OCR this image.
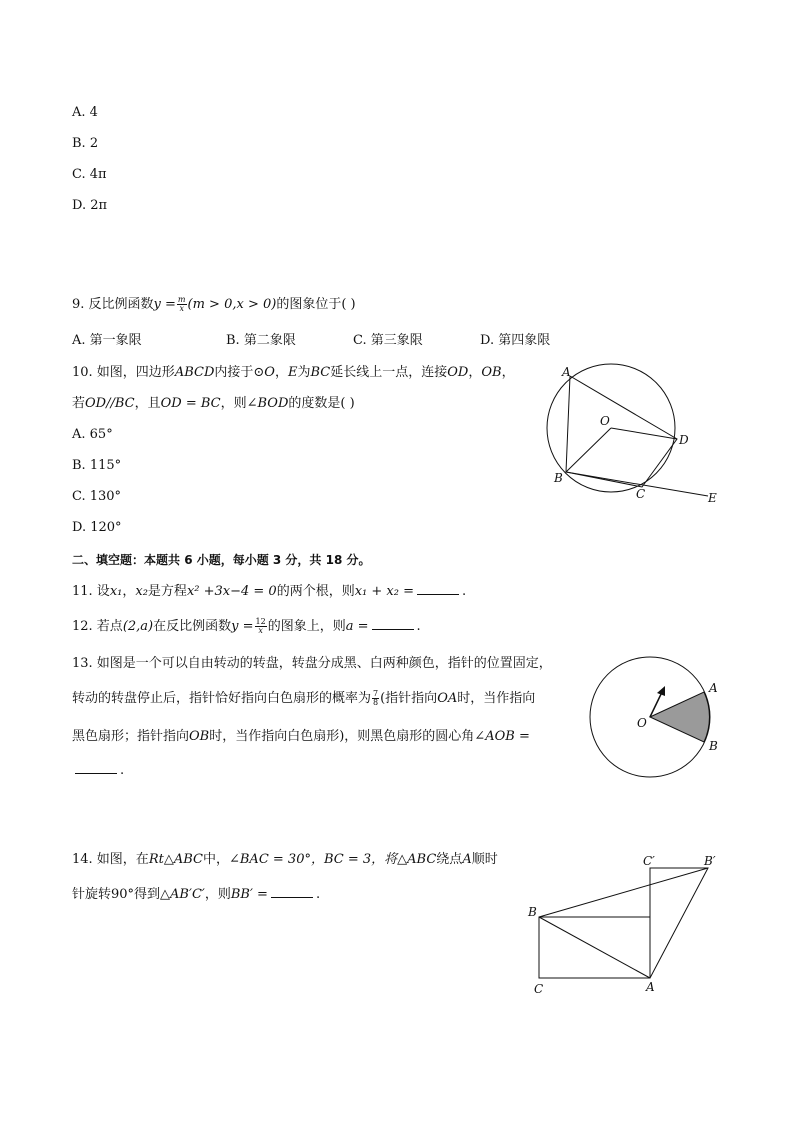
A. 4
B. 2
C. 4π
D. 2π
9. 反比例函数$y = \frac{m}{x} (m > 0,x > 0)$的图象位于( )
A. 第一象限	B. 第二象限	C. 第三象限	D. 第四象限
10. 如图，四边形ABCD内接于⊙O，E为BC延长线上一点，连接OD，OB，
若OD//BC，且OD = BC，则∠BOD的度数是( )
A. 65°
B. 115°
C. 130°
D. 120°
A
B
C
D
O
E
二、填空题：本题共 6 小题，每小题 3 分，共 18 分。
11. 设x₁，x₂是方程x² +3x−4 = 0的两个根，则x₁ + x₂ =	.
12. 若点(2,a)在反比例函数$y = \frac{12}{x}$ 的图象上，则a =	.
13. 如图是一个可以自由转动的转盘，转盘分成黑、白两种颜色，指针的位置固定，
转动的转盘停止后，指针恰好指向白色扇形的概率为 $\frac{7}{8}$ (指针指向OA时，当作指向
黑色扇形；指针指向OB时，当作指向白色扇形)，则黑色扇形的圆心角∠AOB =
.
O
A
B
14. 如图，在Rt△ABC中，∠BAC = 30°，BC = 3，将△ABC绕点A顺时
针旋转90°得到△AB′C′，则BB′ =	.
B
C	A
C′	B′
